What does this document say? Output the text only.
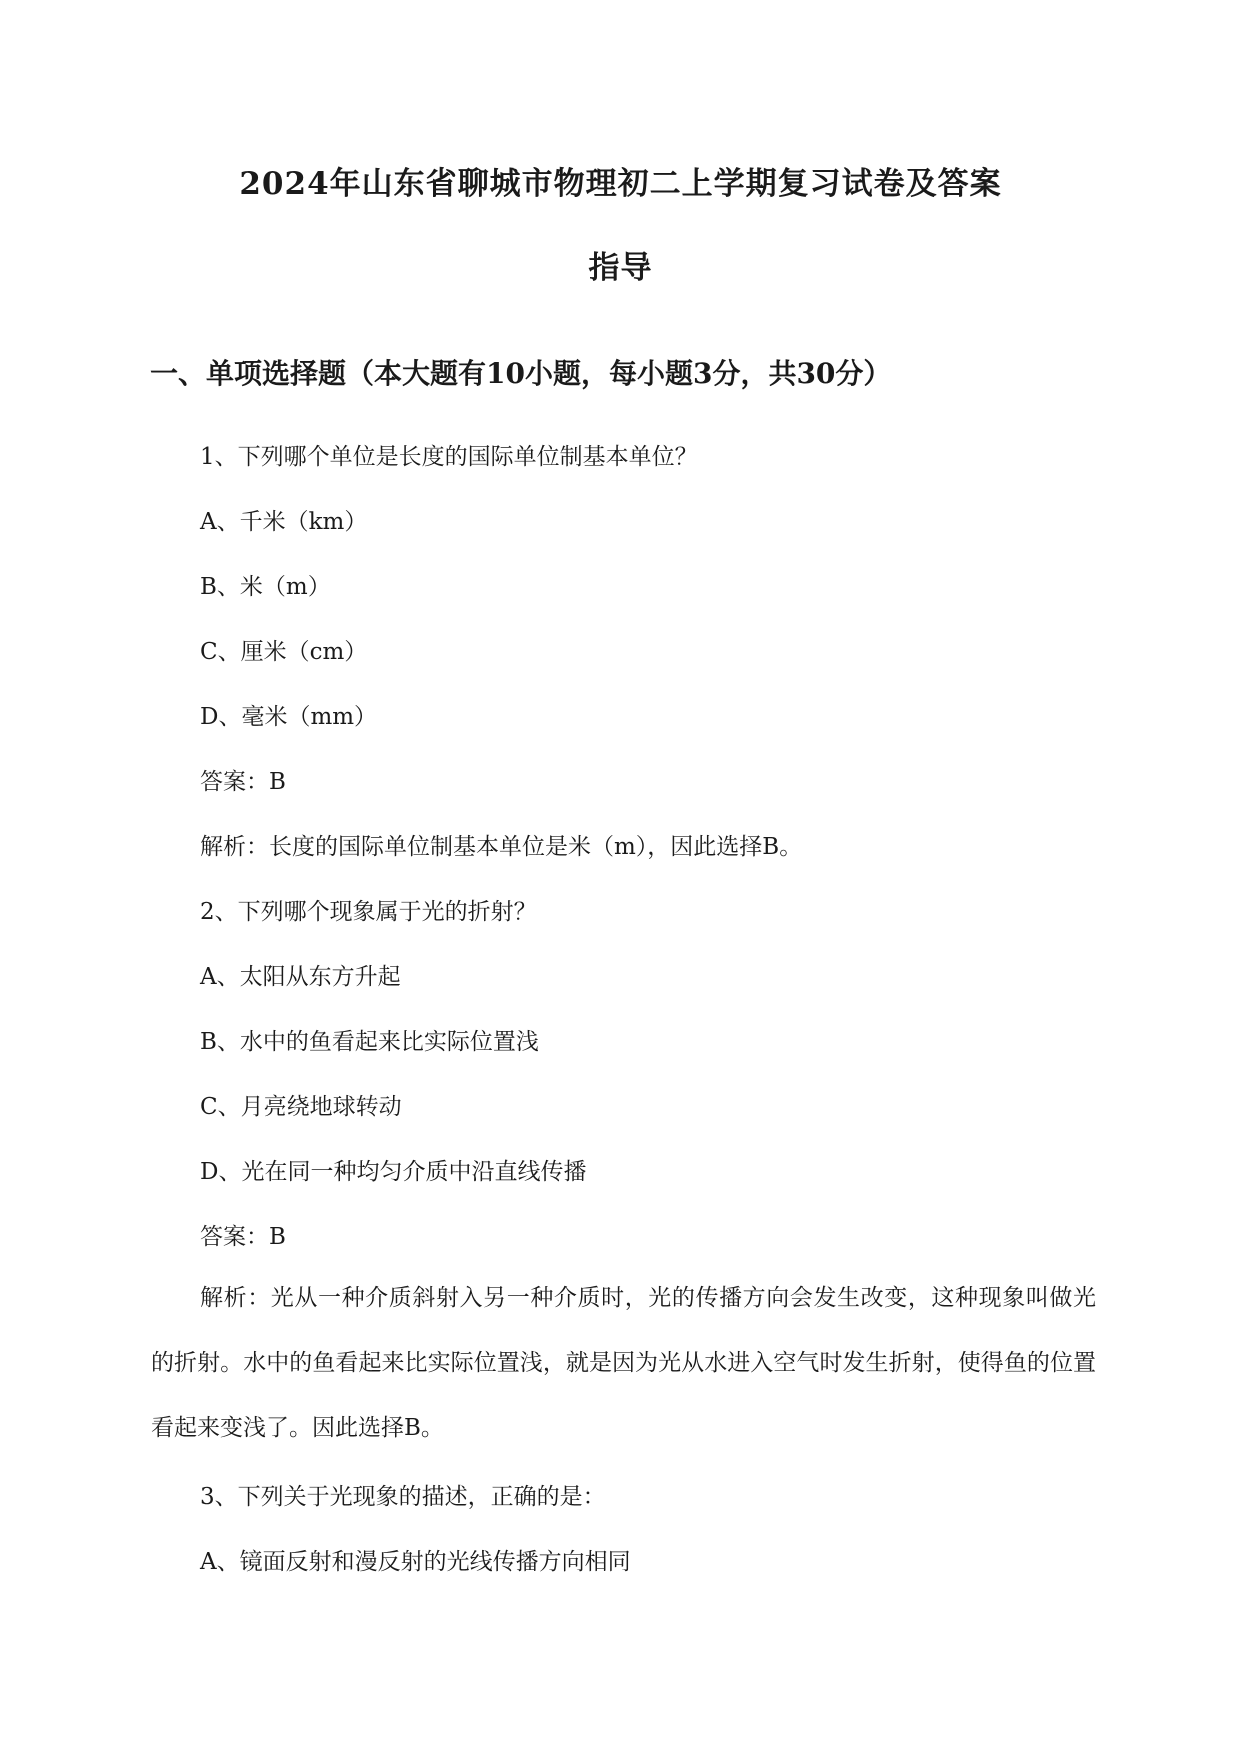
2024年山东省聊城市物理初二上学期复习试卷及答案
指导
一、单项选择题（本大题有10小题，每小题3分，共30分）
1、下列哪个单位是长度的国际单位制基本单位？
A、千米（km）
B、米（m）
C、厘米（cm）
D、毫米（mm）
答案：B
解析：长度的国际单位制基本单位是米（m），因此选择B。
2、下列哪个现象属于光的折射？
A、太阳从东方升起
B、水中的鱼看起来比实际位置浅
C、月亮绕地球转动
D、光在同一种均匀介质中沿直线传播
答案：B
解析：光从一种介质斜射入另一种介质时，光的传播方向会发生改变，这种现象叫做光的折射。水中的鱼看起来比实际位置浅，就是因为光从水进入空气时发生折射，使得鱼的位置看起来变浅了。因此选择B。
3、下列关于光现象的描述，正确的是：
A、镜面反射和漫反射的光线传播方向相同
